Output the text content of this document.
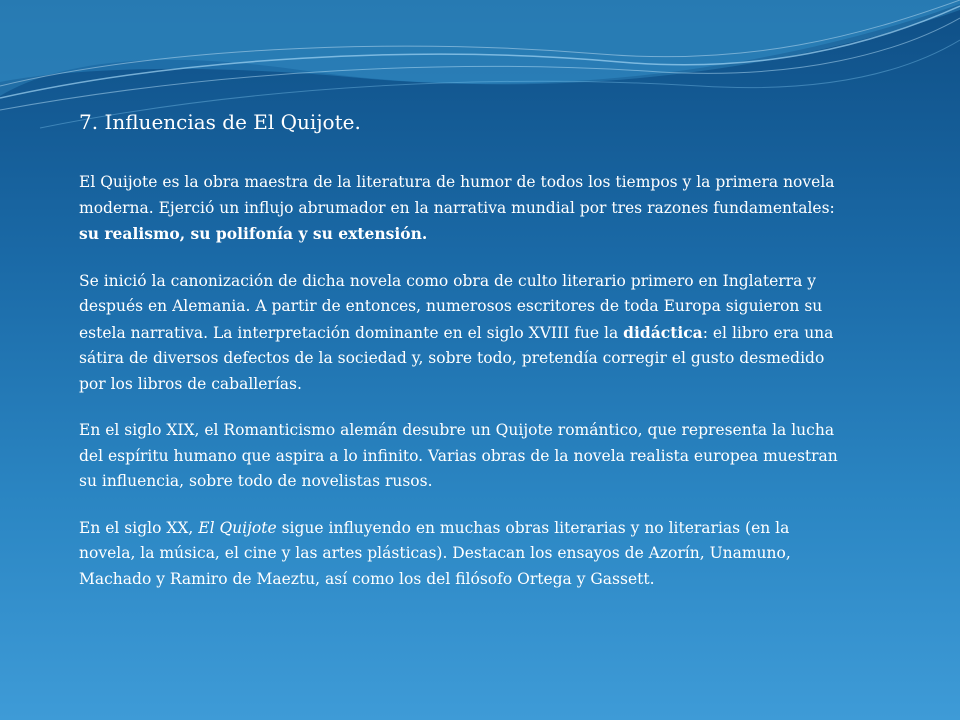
7. Influencias de El Quijote.

El Quijote es la obra maestra de la literatura de humor de todos los tiempos y la primera novela moderna. Ejerció un influjo abrumador en la narrativa mundial por tres razones fundamentales: su realismo, su polifonía y su extensión.

Se inició la canonización de dicha novela como obra de culto literario primero en Inglaterra y después en Alemania. A partir de entonces, numerosos escritores de toda Europa siguieron su estela narrativa. La interpretación dominante en el siglo XVIII fue la didáctica: el libro era una sátira de diversos defectos de la sociedad y, sobre todo, pretendía corregir el gusto desmedido por los libros de caballerías.

En el siglo XIX, el Romanticismo alemán desubre un Quijote romántico, que representa la lucha del espíritu humano que aspira a lo infinito. Varias obras de la novela realista europea muestran su influencia, sobre todo de novelistas rusos.

En el siglo XX, El Quijote sigue influyendo en muchas obras literarias y no literarias (en la novela, la música, el cine y las artes plásticas). Destacan los ensayos de Azorín, Unamuno, Machado y Ramiro de Maeztu, así como los del filósofo Ortega y Gassett.
